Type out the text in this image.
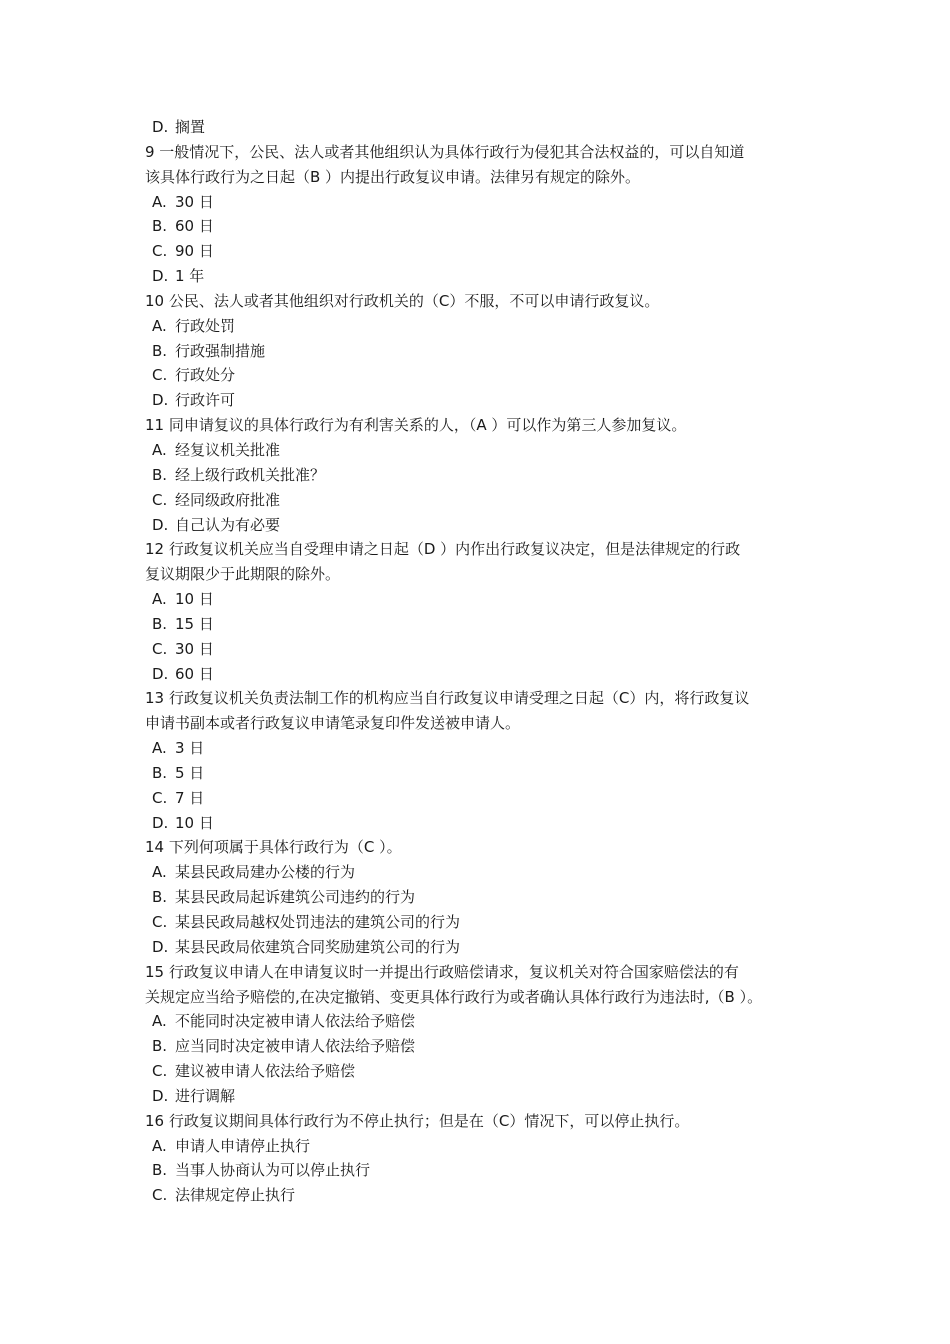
D. 搁置
9 一般情况下，公民、法人或者其他组织认为具体行政行为侵犯其合法权益的，可以自知道
该具体行政行为之日起（B ）内提出行政复议申请。法律另有规定的除外。
A. 30 日
B. 60 日
C. 90 日
D. 1 年
10 公民、法人或者其他组织对行政机关的（C）不服，不可以申请行政复议。
A. 行政处罚
B. 行政强制措施
C. 行政处分
D. 行政许可
11 同申请复议的具体行政行为有利害关系的人，（A ）可以作为第三人参加复议。
A. 经复议机关批准
B. 经上级行政机关批准？
C. 经同级政府批准
D. 自己认为有必要
12 行政复议机关应当自受理申请之日起（D ）内作出行政复议决定，但是法律规定的行政
复议期限少于此期限的除外。
A. 10 日
B. 15 日
C. 30 日
D. 60 日
13 行政复议机关负责法制工作的机构应当自行政复议申请受理之日起（C）内，将行政复议
申请书副本或者行政复议申请笔录复印件发送被申请人。
A. 3 日
B. 5 日
C. 7 日
D. 10 日
14 下列何项属于具体行政行为（C ）。
A. 某县民政局建办公楼的行为
B. 某县民政局起诉建筑公司违约的行为
C. 某县民政局越权处罚违法的建筑公司的行为
D. 某县民政局依建筑合同奖励建筑公司的行为
15 行政复议申请人在申请复议时一并提出行政赔偿请求，复议机关对符合国家赔偿法的有
关规定应当给予赔偿的,在决定撤销、变更具体行政行为或者确认具体行政行为违法时,（B ）。
A. 不能同时决定被申请人依法给予赔偿
B. 应当同时决定被申请人依法给予赔偿
C. 建议被申请人依法给予赔偿
D. 进行调解
16 行政复议期间具体行政行为不停止执行；但是在（C）情况下，可以停止执行。
A. 申请人申请停止执行
B. 当事人协商认为可以停止执行
C. 法律规定停止执行
